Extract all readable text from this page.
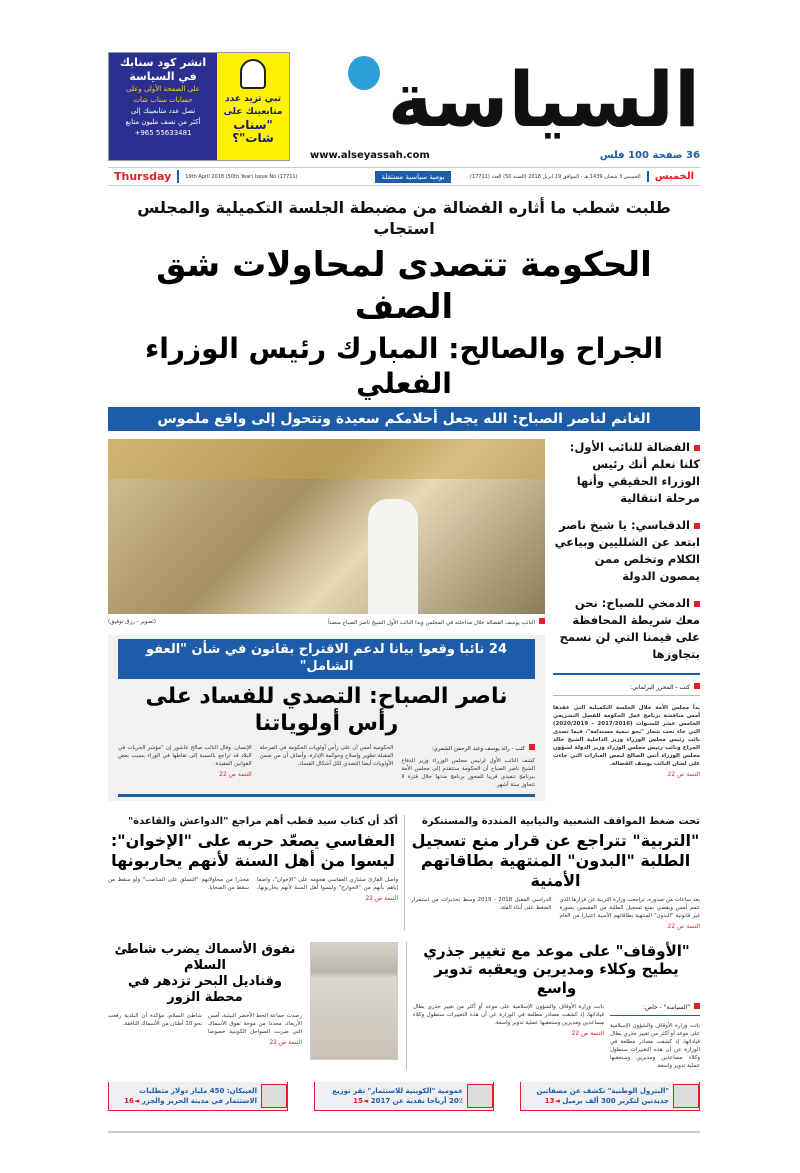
انشر كود سنابك
في السياسة
على الصفحة الأولى وعلى
حسابات سناب شات
تصل عدد متابعينك إلى
أكثر من نصف مليون متابع
+965 55633481
تبي تزيد عدد
متابعينك على
"سناب شات"؟ السياسة
www.alseyassah.com	36 صفحة 100 فلس
Thursday	19th April 2018 (50th Year) Issue No (17711)	يومية سياسية مستقلة	الخميس 3 شعبان 1439 هـ - الموافق 19 ابريل 2018 (السنة 50) العدد (17711)	الخميس
طلبت شطب ما أثاره الفضالة من مضبطة الجلسة التكميلية والمجلس استجاب
الحكومة تتصدى لمحاولات شق الصف
الجراح والصالح: المبارك رئيس الوزراء الفعلي
الغانم لناصر الصباح: الله يجعل أحلامكم سعيدة وتتحول إلى واقع ملموس
الفضالة للنائب الأول: كلنا نعلم أنك رئيس الوزراء الحقيقي وأنها مرحلة انتقالية
الدقباسي: يا شيخ ناصر ابتعد عن الشلليين وبياعي الكلام وتخلص ممن يمصون الدولة
الدمخي للصباح: نحن معك شريطة المحافظة على قيمنا التي لن نسمح بتجاوزها
كتب - المحرر البرلماني:
بدأ مجلس الأمة خلال الجلسة التكميلية التي عقدها أمس مناقشة برنامج عمل الحكومة للفصل التشريعي الخامس عشر للسنوات (2017/2016 - 2020/2019) التي جاء تحت شعار "نحو تنمية مستدامة"، فيما تصدى نائب رئيس مجلس الوزراء وزير الداخلية الشيخ خالد الجراح ونائب رئيس مجلس الوزراء وزير الدولة لشؤون مجلس الوزراء أنس الصالح لبعض العبارات التي جاءت على لسان النائب يوسف الفضالة.
التتمة ص 22
النائب يوسف الفضالة خلال مداخلته في المجلس وبدا النائب الأول الشيخ ناصر الصباح منصتاً
(تصوير - رزق توفيق)
24 نائبا وقعوا بيانا لدعم الاقتراح بقانون في شأن "العفو الشامل"
ناصر الصباح: التصدي للفساد على رأس أولوياتنا
كتب - رائد يوسف وعبد الرحمن الشمري:
كشف النائب الأول لرئيس مجلس الوزراء وزير الدفاع الشيخ ناصر الصباح أن الحكومة ستتقدم إلى مجلس الأمة ببرنامج تنفيذي قريبا للمحور برنامج مدتها خلال فترة لا تتجاوز ستة أشهر.
الحكومية أمس أن على رأس أولويات الحكومة في المرحلة المقبلة تطوير وإصلاح وحوكمة الإدارة. وأضاف أن من ضمن الأولويات أيضا التصدي لكل أشكال الفساد.
الإنسان. وقال النائب صالح عاشور إن "مؤشر الحريات في البلاد قد تراجع بالنسبة إلى تقاطها في الوراء بسبب بعض القوانين المقيدة.
التتمة ص 22
تحت ضغط المواقف الشعبية والنيابية المنددة والمستنكرة
"التربية" تتراجع عن قرار منع تسجيل
الطلبة "البدون" المنتهية بطاقاتهم الأمنية
بعد ساعات من صدوره، تراجعت وزارة التربية عن قرارها الذي عمم أمس ويقضي بمنع تسجيل الطلبة من المقيمين بصورة غير قانونية "البدون" المنتهية بطاقاتهم الأمنية اعتبارا من العام الدراسي المقبل 2018 - 2019 وسط تحذيرات من استمرار الضغط على أبناء الفئة.
التتمة ص 22
أكد أن كتاب سيد قطب أهم مراجع "الدواعش والقاعدة"
العفاسي يصعّد حربه على "الإخوان":
ليسوا من أهل السنة لأنهم يحاربونها
واصل القارئ مشاري العفاسي هجومه على "الإخوان"، واصفا إياهم بأنهم من "الخوارج" وليسوا أهل السنة لأنهم يحاربونها، محذرا من محاولاتهم "التسلق على المناصب" ولو سقط من سقط من الضحايا.
التتمة ص 22
"الأوقاف" على موعد مع تغيير جذري
يطيح وكلاء ومديرين ويعقبه تدوير واسع
"السياسة" - خاص:
باتت وزارة الأوقاف والشؤون الإسلامية على موعد أو أكثر من تغيير جذري يطال قياداتها، إذ كشفت مصادر مطلعة في الوزارة عن أن هذه التغييرات ستطول وكلاء مساعدين ومديرين وستعقبها عملية تدوير واسعة.
باتت وزارة الأوقاف والشؤون الإسلامية على موعد أو أكثر من تغيير جذري يطال قياداتها، إذ كشفت مصادر مطلعة في الوزارة عن أن هذه التغييرات ستطول وكلاء مساعدين ومديرين وستعقبها عملية تدوير واسعة.
التتمة ص 22
نفوق الأسماك يضرب شاطئ السلام
وقناديل البحر تزدهر في محطة الزور
رصدت جماعة الخط الأخضر البيئية، أمس الأربعاء، مجددا من موجة نفوق الأسماك التي ضربت السواحل الكويتية خصوصا شاطئ السلام، مؤكدة أن البلدية رفعت نحو 10 أطنان من الأسماك النافقة.
التتمة ص 22
"البترول الوطنية" تكشف عن مصفاتين
جديدتين لتكرير 300 ألف برميل ◄13
عمومية "الكويتية للاستثمار" تقر توزيع
20٪ أرباحا نقدية عن 2017 ◄15
العيبكان: 450 مليار دولار متطلبات
الاستثمار في مدينة الحرير والجزر ◄16
